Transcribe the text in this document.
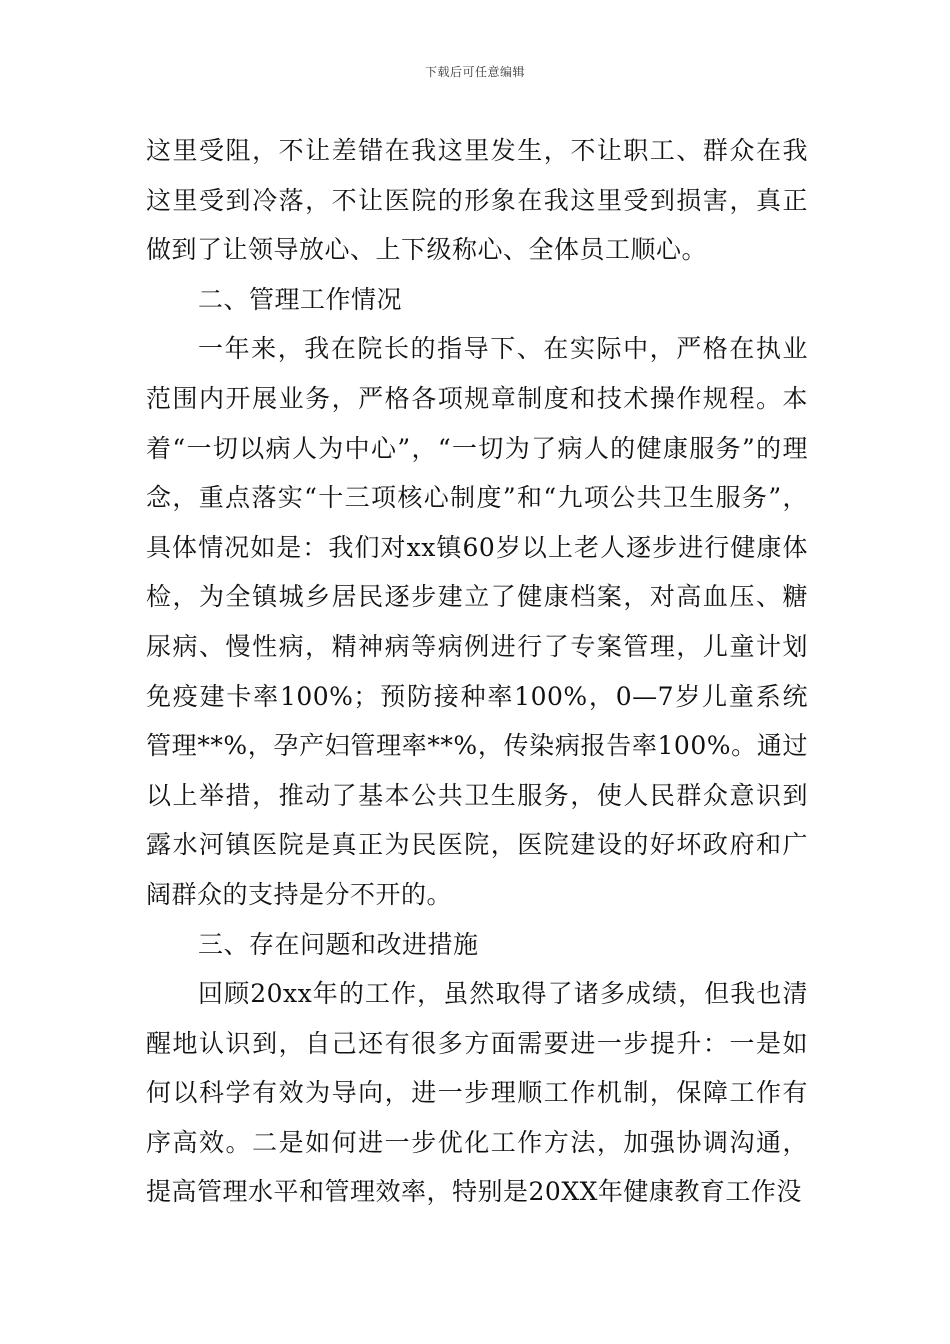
下载后可任意编辑

这里受阻，不让差错在我这里发生，不让职工、群众在我这里受到冷落，不让医院的形象在我这里受到损害，真正做到了让领导放心、上下级称心、全体员工顺心。

二、管理工作情况

一年来，我在院长的指导下、在实际中，严格在执业范围内开展业务，严格各项规章制度和技术操作规程。本着“一切以病人为中心”，“一切为了病人的健康服务”的理念，重点落实“十三项核心制度”和“九项公共卫生服务”，具体情况如是：我们对xx镇60岁以上老人逐步进行健康体检，为全镇城乡居民逐步建立了健康档案，对高血压、糖尿病、慢性病，精神病等病例进行了专案管理，儿童计划免疫建卡率100%；预防接种率100%，0—7岁儿童系统管理**%，孕产妇管理率**%，传染病报告率100%。通过以上举措，推动了基本公共卫生服务，使人民群众意识到露水河镇医院是真正为民医院，医院建设的好坏政府和广阔群众的支持是分不开的。

三、存在问题和改进措施

回顾20xx年的工作，虽然取得了诸多成绩，但我也清醒地认识到，自己还有很多方面需要进一步提升：一是如何以科学有效为导向，进一步理顺工作机制，保障工作有序高效。二是如何进一步优化工作方法，加强协调沟通，提高管理水平和管理效率，特别是20XX年健康教育工作没
